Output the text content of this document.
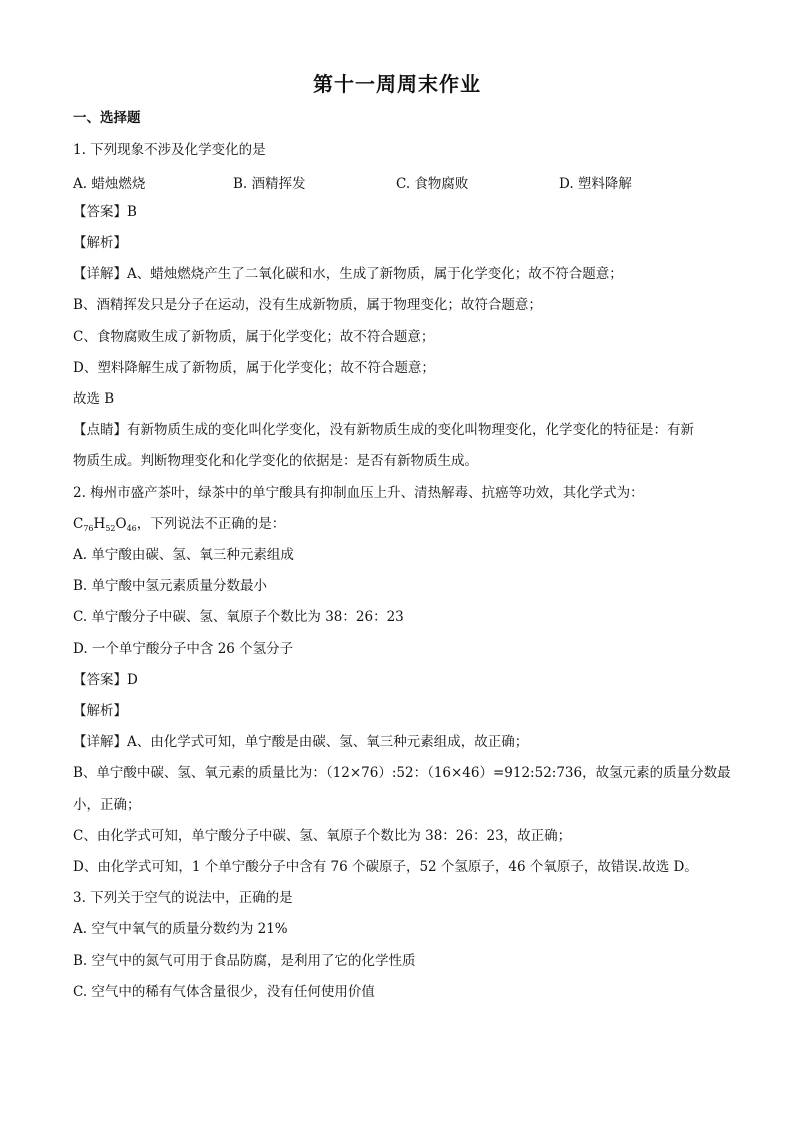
第十一周周末作业
一、选择题
1. 下列现象不涉及化学变化的是
A. 蜡烛燃烧	B. 酒精挥发	C. 食物腐败	D. 塑料降解
【答案】B
【解析】
【详解】A、蜡烛燃烧产生了二氧化碳和水，生成了新物质，属于化学变化；故不符合题意；
B、酒精挥发只是分子在运动，没有生成新物质，属于物理变化；故符合题意；
C、食物腐败生成了新物质，属于化学变化；故不符合题意；
D、塑料降解生成了新物质，属于化学变化；故不符合题意；
故选 B
【点睛】有新物质生成的变化叫化学变化，没有新物质生成的变化叫物理变化，化学变化的特征是：有新
物质生成。判断物理变化和化学变化的依据是：是否有新物质生成。
2. 梅州市盛产茶叶，绿茶中的单宁酸具有抑制血压上升、清热解毒、抗癌等功效，其化学式为：
$C_{76}H_{52}O_{46}$，下列说法不正确的是：
A. 单宁酸由碳、氢、氧三种元素组成
B. 单宁酸中氢元素质量分数最小
C. 单宁酸分子中碳、氢、氧原子个数比为 38：26：23
D. 一个单宁酸分子中含 26 个氢分子
【答案】D
【解析】
【详解】A、由化学式可知，单宁酸是由碳、氢、氧三种元素组成，故正确；
B、单宁酸中碳、氢、氧元素的质量比为：（12×76）:52：（16×46）=912:52:736，故氢元素的质量分数最
小，正确；
C、由化学式可知，单宁酸分子中碳、氢、氧原子个数比为 38：26：23，故正确；
D、由化学式可知，1 个单宁酸分子中含有 76 个碳原子，52 个氢原子，46 个氧原子，故错误.故选 D。
3. 下列关于空气的说法中，正确的是
A. 空气中氧气的质量分数约为 21%
B. 空气中的氮气可用于食品防腐，是利用了它的化学性质
C. 空气中的稀有气体含量很少，没有任何使用价值
